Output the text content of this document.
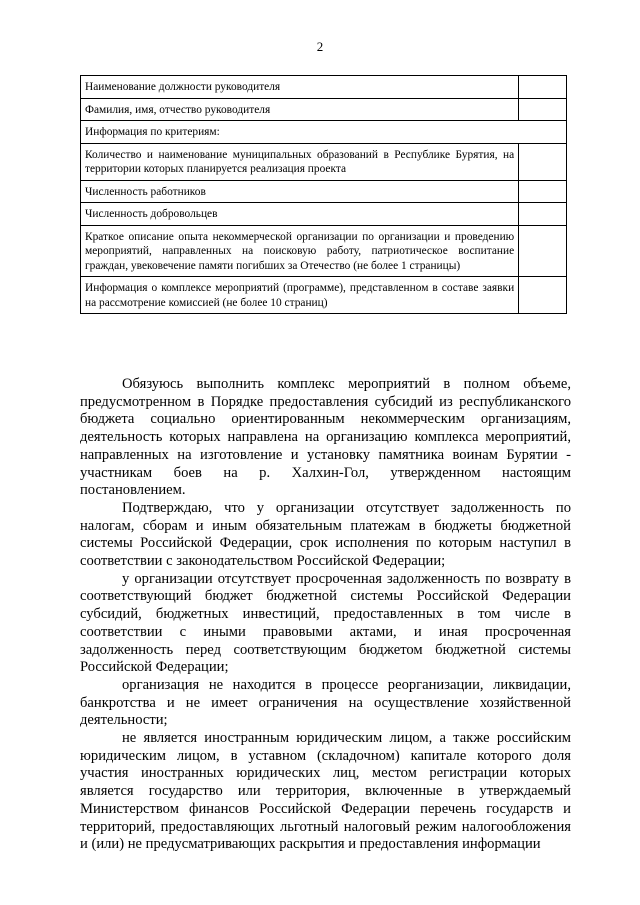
2
Наименование должности руководителя	
Фамилия, имя, отчество руководителя	
Информация по критериям:	
Количество и наименование муниципальных образований в Республике Бурятия, на территории которых планируется реализация проекта	
Численность работников	
Численность добровольцев	
Краткое описание опыта некоммерческой организации по организации и проведению мероприятий, направленных на поисковую работу, патриотическое воспитание граждан, увековечение памяти погибших за Отечество (не более 1 страницы)	
Информация о комплексе мероприятий (программе), представленном в составе заявки на рассмотрение комиссией (не более 10 страниц)	

Обязуюсь выполнить комплекс мероприятий в полном объеме, предусмотренном в Порядке предоставления субсидий из республиканского бюджета социально ориентированным некоммерческим организациям, деятельность которых направлена на организацию комплекса мероприятий, направленных на изготовление и установку памятника воинам Бурятии - участникам боев на р. Халхин-Гол, утвержденном настоящим постановлением.

Подтверждаю, что у организации отсутствует задолженность по налогам, сборам и иным обязательным платежам в бюджеты бюджетной системы Российской Федерации, срок исполнения по которым наступил в соответствии с законодательством Российской Федерации;

у организации отсутствует просроченная задолженность по возврату в соответствующий бюджет бюджетной системы Российской Федерации субсидий, бюджетных инвестиций, предоставленных в том числе в соответствии с иными правовыми актами, и иная просроченная задолженность перед соответствующим бюджетом бюджетной системы Российской Федерации;

организация не находится в процессе реорганизации, ликвидации, банкротства и не имеет ограничения на осуществление хозяйственной деятельности;

не является иностранным юридическим лицом, а также российским юридическим лицом, в уставном (складочном) капитале которого доля участия иностранных юридических лиц, местом регистрации которых является государство или территория, включенные в утверждаемый Министерством финансов Российской Федерации перечень государств и территорий, предоставляющих льготный налоговый режим налогообложения и (или) не предусматривающих раскрытия и предоставления информации
